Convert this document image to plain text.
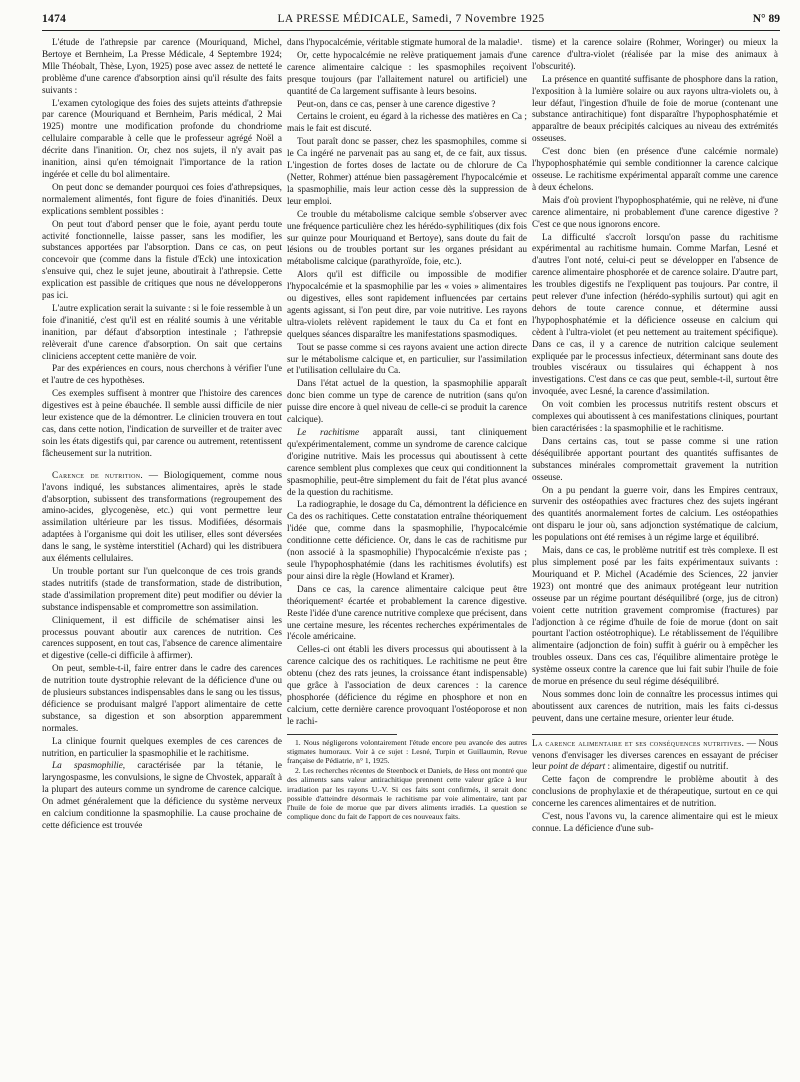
1474	LA PRESSE MÉDICALE, Samedi, 7 Novembre 1925	N° 89

L'étude de l'athrepsie par carence (Mouriquand, Michel, Bertoye et Bernheim, La Presse Médicale, 4 Septembre 1924; Mlle Théobalt, Thèse, Lyon, 1925) pose avec assez de netteté le problème d'une carence d'absorption ainsi qu'il résulte des faits suivants :

L'examen cytologique des foies des sujets atteints d'athrepsie par carence (Mouriquand et Bernheim, Paris médical, 2 Mai 1925) montre une modification profonde du chondriome cellulaire comparable à celle que le professeur agrégé Noël a décrite dans l'inanition. Or, chez nos sujets, il n'y avait pas inanition, ainsi qu'en témoignait l'importance de la ration ingérée et celle du bol alimentaire.

On peut donc se demander pourquoi ces foies d'athrepsiques, normalement alimentés, font figure de foies d'inanitiés. Deux explications semblent possibles :

On peut tout d'abord penser que le foie, ayant perdu toute activité fonctionnelle, laisse passer, sans les modifier, les substances apportées par l'absorption. Dans ce cas, on peut concevoir que (comme dans la fistule d'Eck) une intoxication s'ensuive qui, chez le sujet jeune, aboutirait à l'athrepsie. Cette explication est passible de critiques que nous ne développerons pas ici.

L'autre explication serait la suivante : si le foie ressemble à un foie d'inanitié, c'est qu'il est en réalité soumis à une véritable inanition, par défaut d'absorption intestinale ; l'athrepsie relèverait d'une carence d'absorption. On sait que certains cliniciens acceptent cette manière de voir.

Par des expériences en cours, nous cherchons à vérifier l'une et l'autre de ces hypothèses.

Ces exemples suffisent à montrer que l'histoire des carences digestives est à peine ébauchée. Il semble aussi difficile de nier leur existence que de la démontrer. Le clinicien trouvera en tout cas, dans cette notion, l'indication de surveiller et de traiter avec soin les états digestifs qui, par carence ou autrement, retentissent fâcheusement sur la nutrition.

Carence de nutrition. — Biologiquement, comme nous l'avons indiqué, les substances alimentaires, après le stade d'absorption, subissent des transformations (regroupement des amino-acides, glycogenèse, etc.) qui vont permettre leur assimilation ultérieure par les tissus. Modifiées, désormais adaptées à l'organisme qui doit les utiliser, elles sont déversées dans le sang, le système interstitiel (Achard) qui les distribuera aux éléments cellulaires.

Un trouble portant sur l'un quelconque de ces trois grands stades nutritifs (stade de transformation, stade de distribution, stade d'assimilation proprement dite) peut modifier ou dévier la substance indispensable et compromettre son assimilation.

Cliniquement, il est difficile de schématiser ainsi les processus pouvant aboutir aux carences de nutrition. Ces carences supposent, en tout cas, l'absence de carence alimentaire et digestive (celle-ci difficile à affirmer).

On peut, semble-t-il, faire entrer dans le cadre des carences de nutrition toute dystrophie relevant de la déficience d'une ou de plusieurs substances indispensables dans le sang ou les tissus, déficience se produisant malgré l'apport alimentaire de cette substance, sa digestion et son absorption apparemment normales.

La clinique fournit quelques exemples de ces carences de nutrition, en particulier la spasmophilie et le rachitisme.

La spasmophilie, caractérisée par la tétanie, le laryngospasme, les convulsions, le signe de Chvostek, apparaît à la plupart des auteurs comme un syndrome de carence calcique. On admet généralement que la déficience du système nerveux en calcium conditionne la spasmophilie. La cause prochaine de cette déficience est trouvée

dans l'hypocalcémie, véritable stigmate humoral de la maladie¹.

Or, cette hypocalcémie ne relève pratiquement jamais d'une carence alimentaire calcique : les spasmophiles reçoivent presque toujours (par l'allaitement naturel ou artificiel) une quantité de Ca largement suffisante à leurs besoins.

Peut-on, dans ce cas, penser à une carence digestive ?

Certains le croient, eu égard à la richesse des matières en Ca ; mais le fait est discuté.

Tout paraît donc se passer, chez les spasmophiles, comme si le Ca ingéré ne parvenait pas au sang et, de ce fait, aux tissus. L'ingestion de fortes doses de lactate ou de chlorure de Ca (Netter, Rohmer) atténue bien passagèrement l'hypocalcémie et la spasmophilie, mais leur action cesse dès la suppression de leur emploi.

Ce trouble du métabolisme calcique semble s'observer avec une fréquence particulière chez les hérédo-syphilitiques (dix fois sur quinze pour Mouriquand et Bertoye), sans doute du fait de lésions ou de troubles portant sur les organes présidant au métabolisme calcique (parathyroïde, foie, etc.).

Alors qu'il est difficile ou impossible de modifier l'hypocalcémie et la spasmophilie par les « voies » alimentaires ou digestives, elles sont rapidement influencées par certains agents agissant, si l'on peut dire, par voie nutritive. Les rayons ultra-violets relèvent rapidement le taux du Ca et font en quelques séances disparaître les manifestations spasmodiques.

Tout se passe comme si ces rayons avaient une action directe sur le métabolisme calcique et, en particulier, sur l'assimilation et l'utilisation cellulaire du Ca.

Dans l'état actuel de la question, la spasmophilie apparaît donc bien comme un type de carence de nutrition (sans qu'on puisse dire encore à quel niveau de celle-ci se produit la carence calcique).

Le rachitisme apparaît aussi, tant cliniquement qu'expérimentalement, comme un syndrome de carence calcique d'origine nutritive. Mais les processus qui aboutissent à cette carence semblent plus complexes que ceux qui conditionnent la spasmophilie, peut-être simplement du fait de l'état plus avancé de la question du rachitisme.

La radiographie, le dosage du Ca, démontrent la déficience en Ca des os rachitiques. Cette constatation entraîne théoriquement l'idée que, comme dans la spasmophilie, l'hypocalcémie conditionne cette déficience. Or, dans le cas de rachitisme pur (non associé à la spasmophilie) l'hypocalcémie n'existe pas ; seule l'hypophosphatémie (dans les rachitismes évolutifs) est pour ainsi dire la règle (Howland et Kramer).

Dans ce cas, la carence alimentaire calcique peut être théoriquement² écartée et probablement la carence digestive. Reste l'idée d'une carence nutritive complexe que précisent, dans une certaine mesure, les récentes recherches expérimentales de l'école américaine.

Celles-ci ont établi les divers processus qui aboutissent à la carence calcique des os rachitiques. Le rachitisme ne peut être obtenu (chez des rats jeunes, la croissance étant indispensable) que grâce à l'association de deux carences : la carence phosphorée (déficience du régime en phosphore et non en calcium, cette dernière carence provoquant l'ostéoporose et non le rachi-

1. Nous négligerons volontairement l'étude encore peu avancée des autres stigmates humoraux. Voir à ce sujet : Lesné, Turpin et Guillaumin, Revue française de Pédiatrie, n° 1, 1925.

2. Les recherches récentes de Steenbock et Daniels, de Hess ont montré que des aliments sans valeur antirachitique prennent cette valeur grâce à leur irradiation par les rayons U.-V. Si ces faits sont confirmés, il serait donc possible d'atteindre désormais le rachitisme par voie alimentaire, tant par l'huile de foie de morue que par divers aliments irradiés. La question se complique donc du fait de l'apport de ces nouveaux faits.

tisme) et la carence solaire (Rohmer, Woringer) ou mieux la carence d'ultra-violet (réalisée par la mise des animaux à l'obscurité).

La présence en quantité suffisante de phosphore dans la ration, l'exposition à la lumière solaire ou aux rayons ultra-violets ou, à leur défaut, l'ingestion d'huile de foie de morue (contenant une substance antirachitique) font disparaître l'hypophosphatémie et apparaître de beaux précipités calciques au niveau des extrémités osseuses.

C'est donc bien (en présence d'une calcémie normale) l'hypophosphatémie qui semble conditionner la carence calcique osseuse. Le rachitisme expérimental apparaît comme une carence à deux échelons.

Mais d'où provient l'hypophosphatémie, qui ne relève, ni d'une carence alimentaire, ni probablement d'une carence digestive ? C'est ce que nous ignorons encore.

La difficulté s'accroît lorsqu'on passe du rachitisme expérimental au rachitisme humain. Comme Marfan, Lesné et d'autres l'ont noté, celui-ci peut se développer en l'absence de carence alimentaire phosphorée et de carence solaire. D'autre part, les troubles digestifs ne l'expliquent pas toujours. Par contre, il peut relever d'une infection (hérédo-syphilis surtout) qui agit en dehors de toute carence connue, et détermine aussi l'hypophosphatémie et la déficience osseuse en calcium qui cèdent à l'ultra-violet (et peu nettement au traitement spécifique). Dans ce cas, il y a carence de nutrition calcique seulement expliquée par le processus infectieux, déterminant sans doute des troubles viscéraux ou tissulaires qui échappent à nos investigations. C'est dans ce cas que peut, semble-t-il, surtout être invoquée, avec Lesné, la carence d'assimilation.

On voit combien les processus nutritifs restent obscurs et complexes qui aboutissent à ces manifestations cliniques, pourtant bien caractérisées : la spasmophilie et le rachitisme.

Dans certains cas, tout se passe comme si une ration déséquilibrée apportant pourtant des quantités suffisantes de substances minérales compromettait gravement la nutrition osseuse.

On a pu pendant la guerre voir, dans les Empires centraux, survenir des ostéopathies avec fractures chez des sujets ingérant des quantités anormalement fortes de calcium. Les ostéopathies ont disparu le jour où, sans adjonction systématique de calcium, les populations ont été remises à un régime large et équilibré.

Mais, dans ce cas, le problème nutritif est très complexe. Il est plus simplement posé par les faits expérimentaux suivants : Mouriquand et P. Michel (Académie des Sciences, 22 janvier 1923) ont montré que des animaux protégeant leur nutrition osseuse par un régime pourtant déséquilibré (orge, jus de citron) voient cette nutrition gravement compromise (fractures) par l'adjonction à ce régime d'huile de foie de morue (dont on sait pourtant l'action ostéotrophique). Le rétablissement de l'équilibre alimentaire (adjonction de foin) suffit à guérir ou à empêcher les troubles osseux. Dans ces cas, l'équilibre alimentaire protège le système osseux contre la carence que lui fait subir l'huile de foie de morue en présence du seul régime déséquilibré.

Nous sommes donc loin de connaître les processus intimes qui aboutissent aux carences de nutrition, mais les faits ci-dessus peuvent, dans une certaine mesure, orienter leur étude.

La carence alimentaire et ses conséquences nutritives. — Nous venons d'envisager les diverses carences en essayant de préciser leur point de départ : alimentaire, digestif ou nutritif.

Cette façon de comprendre le problème aboutit à des conclusions de prophylaxie et de thérapeutique, surtout en ce qui concerne les carences alimentaires et de nutrition.

C'est, nous l'avons vu, la carence alimentaire qui est le mieux connue. La déficience d'une sub-
